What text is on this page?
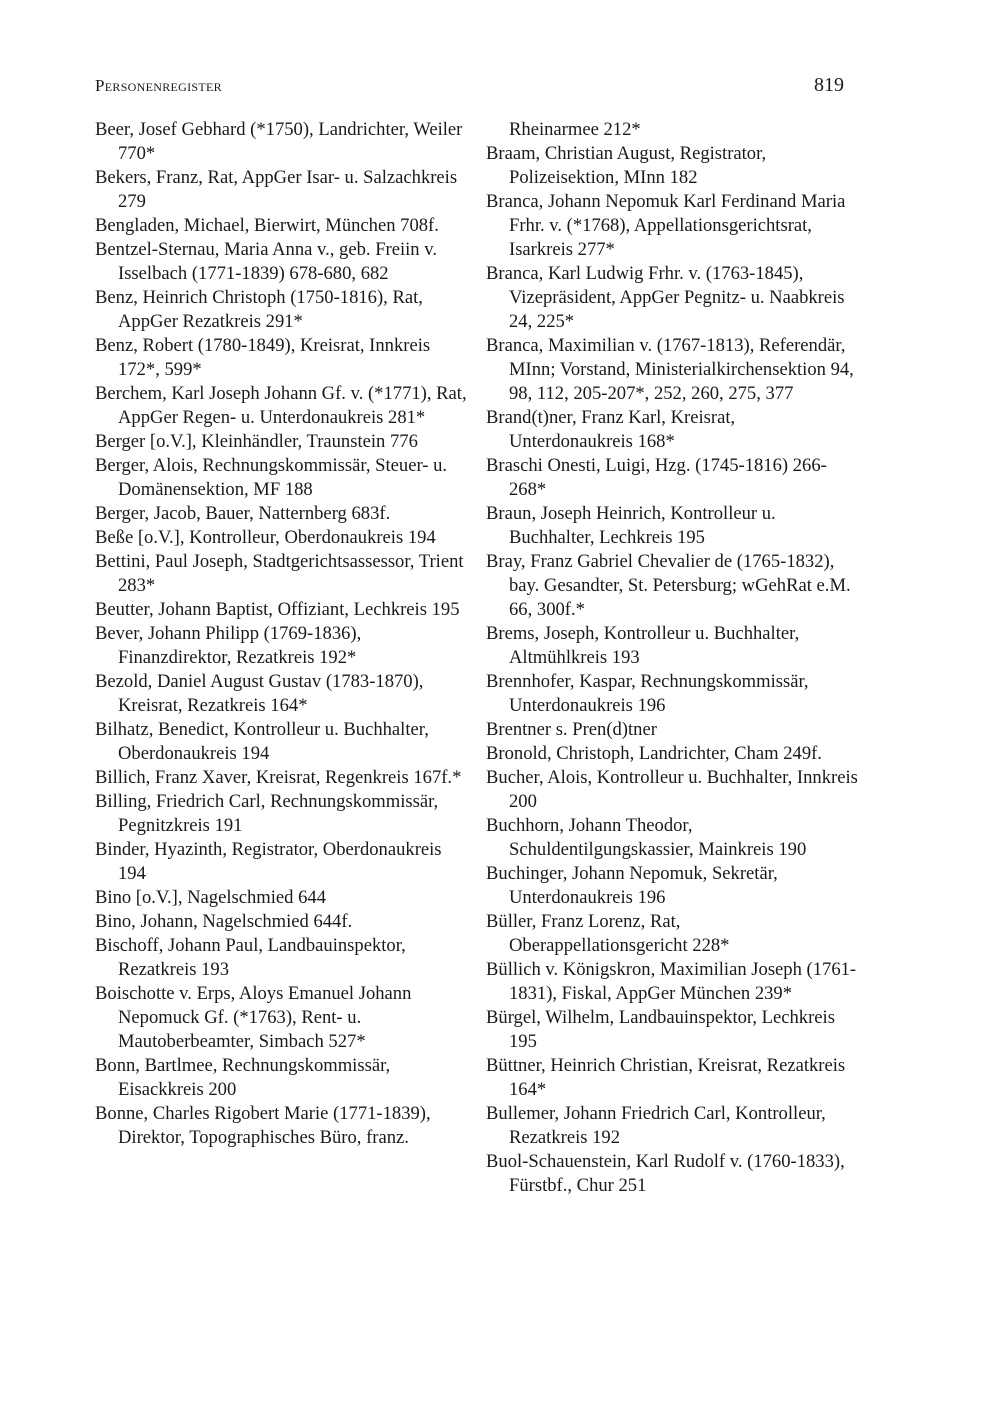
Personenregister	819

Beer, Josef Gebhard (*1750), Landrichter, Weiler 770*

Bekers, Franz, Rat, AppGer Isar- u. Salzachkreis 279

Bengladen, Michael, Bierwirt, München 708f.

Bentzel-Sternau, Maria Anna v., geb. Freiin v. Isselbach (1771-1839) 678-680, 682

Benz, Heinrich Christoph (1750-1816), Rat, AppGer Rezatkreis 291*

Benz, Robert (1780-1849), Kreisrat, Innkreis 172*, 599*

Berchem, Karl Joseph Johann Gf. v. (*1771), Rat, AppGer Regen- u. Unterdonaukreis 281*

Berger [o.V.], Kleinhändler, Traunstein 776

Berger, Alois, Rechnungskommissär, Steuer- u. Domänensektion, MF 188

Berger, Jacob, Bauer, Natternberg 683f.

Beße [o.V.], Kontrolleur, Oberdonaukreis 194

Bettini, Paul Joseph, Stadtgerichtsassessor, Trient 283*

Beutter, Johann Baptist, Offiziant, Lechkreis 195

Bever, Johann Philipp (1769-1836), Finanzdirektor, Rezatkreis 192*

Bezold, Daniel August Gustav (1783-1870), Kreisrat, Rezatkreis 164*

Bilhatz, Benedict, Kontrolleur u. Buchhalter, Oberdonaukreis 194

Billich, Franz Xaver, Kreisrat, Regenkreis 167f.*

Billing, Friedrich Carl, Rechnungskommissär, Pegnitzkreis 191

Binder, Hyazinth, Registrator, Oberdonaukreis 194

Bino [o.V.], Nagelschmied 644

Bino, Johann, Nagelschmied 644f.

Bischoff, Johann Paul, Landbauinspektor, Rezatkreis 193

Boischotte v. Erps, Aloys Emanuel Johann Nepomuck Gf. (*1763), Rent- u. Mautoberbeamter, Simbach 527*

Bonn, Bartlmee, Rechnungskommissär, Eisackkreis 200

Bonne, Charles Rigobert Marie (1771-1839), Direktor, Topographisches Büro, franz.

Rheinarmee 212*

Braam, Christian August, Registrator, Polizeisektion, MInn 182

Branca, Johann Nepomuk Karl Ferdinand Maria Frhr. v. (*1768), Appellationsgerichtsrat, Isarkreis 277*

Branca, Karl Ludwig Frhr. v. (1763-1845), Vizepräsident, AppGer Pegnitz- u. Naabkreis 24, 225*

Branca, Maximilian v. (1767-1813), Referendär, MInn; Vorstand, Ministerialkirchensektion 94, 98, 112, 205-207*, 252, 260, 275, 377

Brand(t)ner, Franz Karl, Kreisrat, Unterdonaukreis 168*

Braschi Onesti, Luigi, Hzg. (1745-1816) 266-268*

Braun, Joseph Heinrich, Kontrolleur u. Buchhalter, Lechkreis 195

Bray, Franz Gabriel Chevalier de (1765-1832), bay. Gesandter, St. Petersburg; wGehRat e.M. 66, 300f.*

Brems, Joseph, Kontrolleur u. Buchhalter, Altmühlkreis 193

Brennhofer, Kaspar, Rechnungskommissär, Unterdonaukreis 196

Brentner s. Pren(d)tner

Bronold, Christoph, Landrichter, Cham 249f.

Bucher, Alois, Kontrolleur u. Buchhalter, Innkreis 200

Buchhorn, Johann Theodor, Schuldentilgungskassier, Mainkreis 190

Buchinger, Johann Nepomuk, Sekretär, Unterdonaukreis 196

Büller, Franz Lorenz, Rat, Oberappellationsgericht 228*

Büllich v. Königskron, Maximilian Joseph (1761-1831), Fiskal, AppGer München 239*

Bürgel, Wilhelm, Landbauinspektor, Lechkreis 195

Büttner, Heinrich Christian, Kreisrat, Rezatkreis 164*

Bullemer, Johann Friedrich Carl, Kontrolleur, Rezatkreis 192

Buol-Schauenstein, Karl Rudolf v. (1760-1833), Fürstbf., Chur 251
